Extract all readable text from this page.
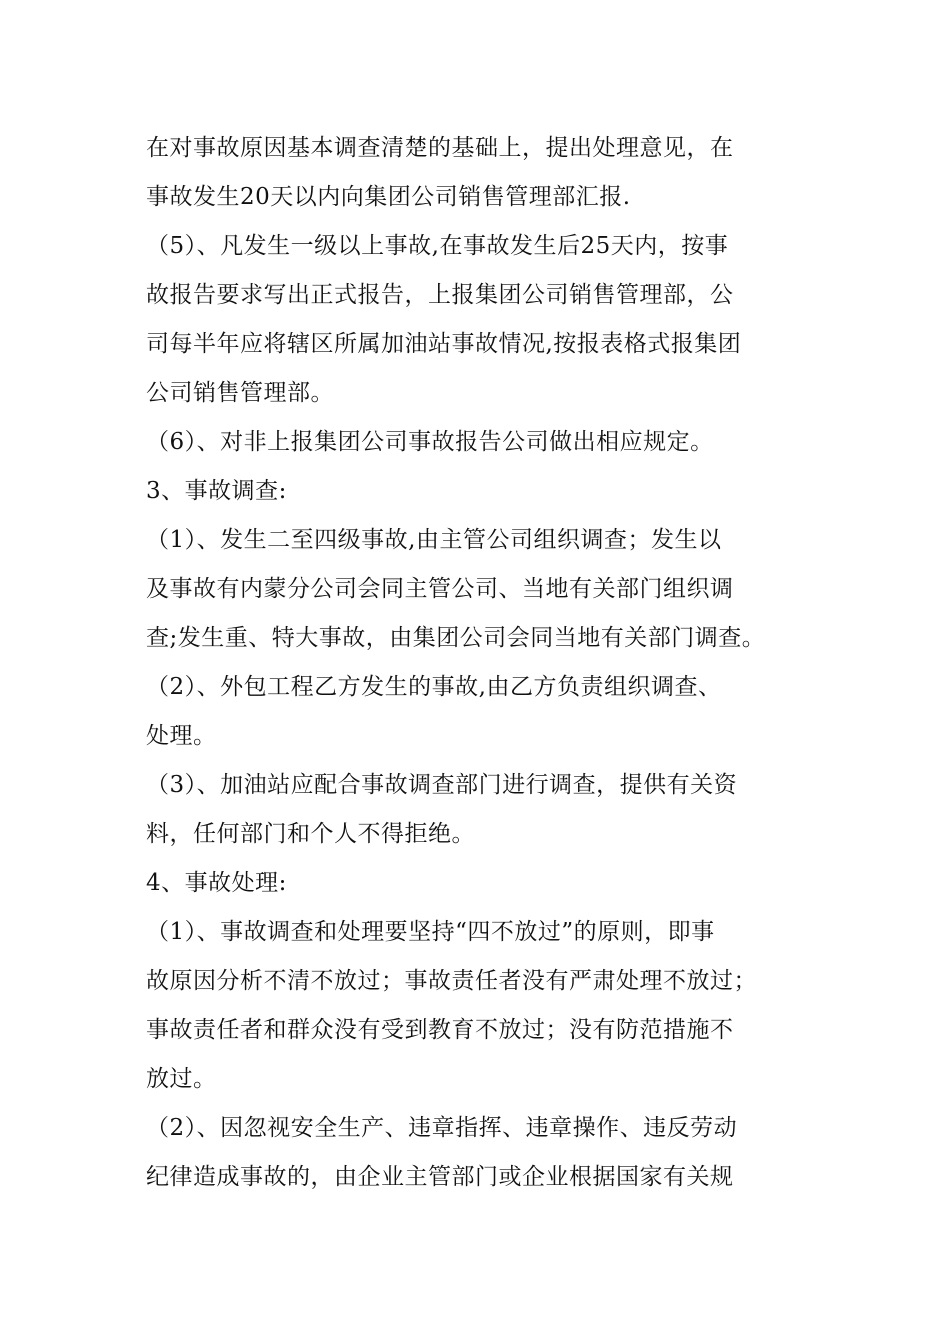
在对事故原因基本调查清楚的基础上，提出处理意见，在
事故发生20天以内向集团公司销售管理部汇报.
（5）、凡发生一级以上事故,在事故发生后25天内，按事
故报告要求写出正式报告，上报集团公司销售管理部，公
司每半年应将辖区所属加油站事故情况,按报表格式报集团
公司销售管理部。
（6）、对非上报集团公司事故报告公司做出相应规定。
3、事故调查:
（1）、发生二至四级事故,由主管公司组织调查；发生以
及事故有内蒙分公司会同主管公司、当地有关部门组织调
查;发生重、特大事故，由集团公司会同当地有关部门调查。
（2）、外包工程乙方发生的事故,由乙方负责组织调查、
处理。
（3）、加油站应配合事故调查部门进行调查，提供有关资
料，任何部门和个人不得拒绝。
4、事故处理:
（1）、事故调查和处理要坚持“四不放过”的原则，即事
故原因分析不清不放过；事故责任者没有严肃处理不放过；
事故责任者和群众没有受到教育不放过；没有防范措施不
放过。
（2）、因忽视安全生产、违章指挥、违章操作、违反劳动
纪律造成事故的，由企业主管部门或企业根据国家有关规
